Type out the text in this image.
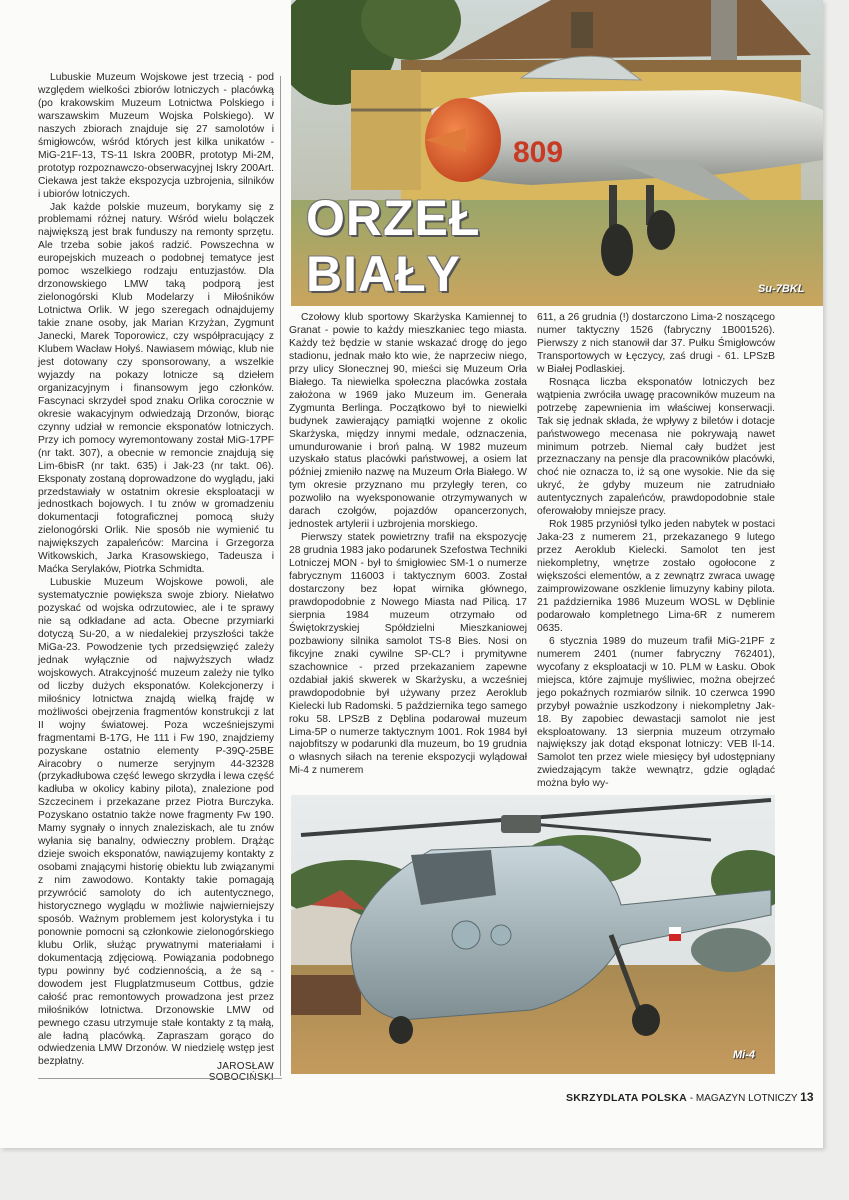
Lubuskie Muzeum Wojskowe jest trzecią - pod względem wielkości zbiorów lotniczych - placówką (po krakowskim Muzeum Lotnictwa Polskiego i warszawskim Muzeum Wojska Polskiego). W naszych zbiorach znajduje się 27 samolotów i śmigłowców, wśród których jest kilka unikatów - MiG-21F-13, TS-11 Iskra 200BR, prototyp Mi-2M, prototyp rozpoznawczo-obserwacyjnej Iskry 200Art. Ciekawa jest także ekspozycja uzbrojenia, silników i ubiorów lotniczych.

Jak każde polskie muzeum, borykamy się z problemami różnej natury. Wśród wielu bolączek największą jest brak funduszy na remonty sprzętu. Ale trzeba sobie jakoś radzić. Powszechna w europejskich muzeach o podobnej tematyce jest pomoc wszelkiego rodzaju entuzjastów. Dla drzonowskiego LMW taką podporą jest zielonogórski Klub Modelarzy i Miłośników Lotnictwa Orlik. W jego szeregach odnajdujemy takie znane osoby, jak Marian Krzyżan, Zygmunt Janecki, Marek Toporowicz, czy współpracujący z Klubem Wacław Hołyś. Nawiasem mówiąc, klub nie jest dotowany czy sponsorowany, a wszelkie wyjazdy na pokazy lotnicze są dziełem organizacyjnym i finansowym jego członków. Fascynaci skrzydeł spod znaku Orlika corocznie w okresie wakacyjnym odwiedzają Drzonów, biorąc czynny udział w remoncie eksponatów lotniczych. Przy ich pomocy wyremontowany został MiG-17PF (nr takt. 307), a obecnie w remoncie znajdują się Lim-6bisR (nr takt. 635) i Jak-23 (nr takt. 06). Eksponaty zostaną doprowadzone do wyglądu, jaki przedstawiały w ostatnim okresie eksploatacji w jednostkach bojowych. I tu znów w gromadzeniu dokumentacji fotograficznej pomocą służy zielonogórski Orlik. Nie sposób nie wymienić tu największych zapaleńców: Marcina i Grzegorza Witkowskich, Jarka Krasowskiego, Tadeusza i Maćka Serylaków, Piotrka Schmidta.

Lubuskie Muzeum Wojskowe powoli, ale systematycznie powiększa swoje zbiory. Niełatwo pozyskać od wojska odrzutowiec, ale i te sprawy nie są odkładane ad acta. Obecne przymiarki dotyczą Su-20, a w niedalekiej przyszłości także MiGa-23. Powodzenie tych przedsięwzięć zależy jednak wyłącznie od najwyższych władz wojskowych. Atrakcyjność muzeum zależy nie tylko od liczby dużych eksponatów. Kolekcjonerzy i miłośnicy lotnictwa znajdą wielką frajdę w możliwości obejrzenia fragmentów konstrukcji z lat II wojny światowej. Poza wcześniejszymi fragmentami B-17G, He 111 i Fw 190, znajdziemy pozyskane ostatnio elementy P-39Q-25BE Airacobry o numerze seryjnym 44-32328 (przykadłubowa część lewego skrzydła i lewa część kadłuba w okolicy kabiny pilota), znalezione pod Szczecinem i przekazane przez Piotra Burczyka. Pozyskano ostatnio także nowe fragmenty Fw 190. Mamy sygnały o innych znaleziskach, ale tu znów wyłania się banalny, odwieczny problem. Drążąc dzieje swoich eksponatów, nawiązujemy kontakty z osobami znającymi historię obiektu lub związanymi z nim zawodowo. Kontakty takie pomagają przywrócić samoloty do ich autentycznego, historycznego wyglądu w możliwie najwierniejszy sposób. Ważnym problemem jest kolorystyka i tu ponownie pomocni są członkowie zielonogórskiego klubu Orlik, służąc prywatnymi materiałami i dokumentacją zdjęciową. Powiązania podobnego typu powinny być codziennością, a że są - dowodem jest Flugplatzmuseum Cottbus, gdzie całość prac remontowych prowadzona jest przez miłośników lotnictwa. Drzonowskie LMW od pewnego czasu utrzymuje stałe kontakty z tą małą, ale ładną placówką. Zapraszam gorąco do odwiedzenia LMW Drzonów. W niedzielę wstęp jest bezpłatny.	JAROSŁAW
809
ORZEŁ
BIAŁY	Su-7BKL

Czołowy klub sportowy Skarżyska Kamiennej to Granat - powie to każdy mieszkaniec tego miasta. Każdy też będzie w stanie wskazać drogę do jego stadionu, jednak mało kto wie, że naprzeciw niego, przy ulicy Słonecznej 90, mieści się Muzeum Orła Białego. Ta niewielka społeczna placówka została założona w 1969 jako Muzeum im. Generała Zygmunta Berlinga. Początkowo był to niewielki budynek zawierający pamiątki wojenne z okolic Skarżyska, między innymi medale, odznaczenia, umundurowanie i broń palną. W 1982 muzeum uzyskało status placówki państwowej, a osiem lat później zmieniło nazwę na Muzeum Orła Białego. W tym okresie przyznano mu przyległy teren, co pozwoliło na wyeksponowanie otrzymywanych w darach czołgów, pojazdów opancerzonych, jednostek artylerii i uzbrojenia morskiego.

Pierwszy statek powietrzny trafił na ekspozycję 28 grudnia 1983 jako podarunek Szefostwa Techniki Lotniczej MON - był to śmigłowiec SM-1 o numerze fabrycznym 116003 i taktycznym 6003. Został dostarczony bez łopat wirnika głównego, prawdopodobnie z Nowego Miasta nad Pilicą. 17 sierpnia 1984 muzeum otrzymało od Świętokrzyskiej Spółdzielni Mieszkaniowej pozbawiony silnika samolot TS-8 Bies. Nosi on fikcyjne znaki cywilne SP-CL? i prymitywne szachownice - przed przekazaniem zapewne ozdabiał jakiś skwerek w Skarżysku, a wcześniej prawdopodobnie był używany przez Aeroklub Kielecki lub Radomski. 5 października tego samego roku 58. LPSzB z Dęblina podarował muzeum Lima-5P o numerze taktycznym 1001. Rok 1984 był najobfitszy w podarunki dla muzeum, bo 19 grudnia o własnych siłach na terenie ekspozycji wylądował Mi-4 z numerem

611, a 26 grudnia (!) dostarczono Lima-2 noszącego numer taktyczny 1526 (fabryczny 1B001526). Pierwszy z nich stanowił dar 37. Pułku Śmigłowców Transportowych w Łęczycy, zaś drugi - 61. LPSzB w Białej Podlaskiej.

Rosnąca liczba eksponatów lotniczych bez wątpienia zwróciła uwagę pracowników muzeum na potrzebę zapewnienia im właściwej konserwacji. Tak się jednak składa, że wpływy z biletów i dotacje państwowego mecenasa nie pokrywają nawet minimum potrzeb. Niemal cały budżet jest przeznaczany na pensje dla pracowników placówki, choć nie oznacza to, iż są one wysokie. Nie da się ukryć, że gdyby muzeum nie zatrudniało autentycznych zapaleńców, prawdopodobnie stale oferowałoby mniejsze pracy.

Rok 1985 przyniósł tylko jeden nabytek w postaci Jaka-23 z numerem 21, przekazanego 9 lutego przez Aeroklub Kielecki. Samolot ten jest niekompletny, wnętrze zostało ogołocone z większości elementów, a z zewnątrz zwraca uwagę zaimprowizowane oszklenie limuzyny kabiny pilota. 21 października 1986 Muzeum WOSL w Dęblinie podarowało kompletnego Lima-6R z numerem 0635.

6 stycznia 1989 do muzeum trafił MiG-21PF z numerem 2401 (numer fabryczny 762401), wycofany z eksploatacji w 10. PLM w Łasku. Obok miejsca, które zajmuje myśliwiec, można obejrzeć jego pokaźnych rozmiarów silnik. 10 czerwca 1990 przybył poważnie uszkodzony i niekompletny Jak-18. By zapobiec dewastacji samolot nie jest eksploatowany. 13 sierpnia muzeum otrzymało największy jak dotąd eksponat lotniczy: VEB Il-14. Samolot ten przez wiele miesięcy był udostępniany zwiedzającym także wewnątrz, gdzie oglądać można było wy-

Mi-4
SKRZYDLATA POLSKA - MAGAZYN LOTNICZY 13
